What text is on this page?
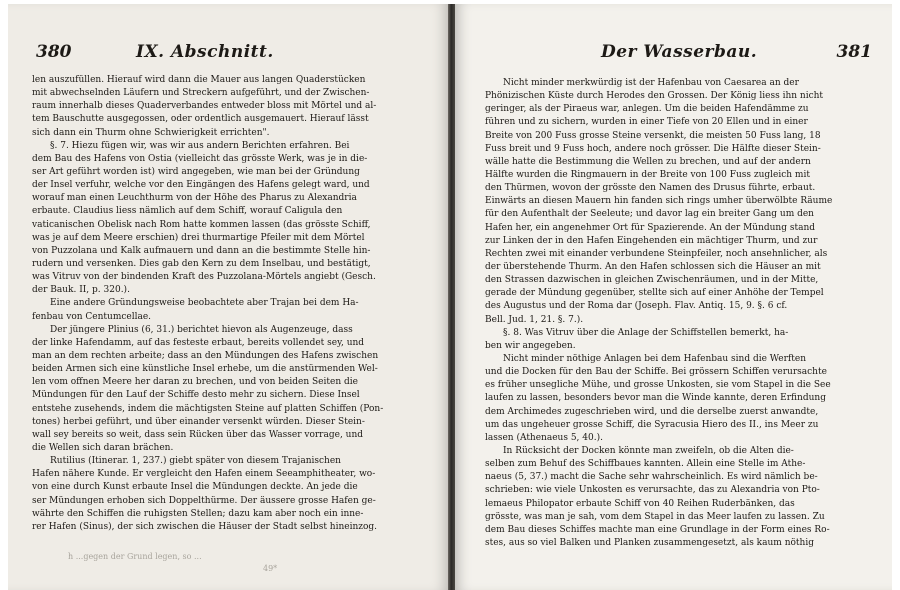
380	IX. Abschnitt.
len auszufüllen. Hierauf wird dann die Mauer aus langen Quaderstücken
mit abwechselnden Läufern und Streckern aufgeführt, und der Zwischen-
raum innerhalb dieses Quaderverbandes entweder bloss mit Mörtel und al-
tem Bauschutte ausgegossen, oder ordentlich ausgemauert. Hierauf lässt
sich dann ein Thurm ohne Schwierigkeit errichten".
§. 7. Hiezu fügen wir, was wir aus andern Berichten erfahren. Bei
dem Bau des Hafens von Ostia (vielleicht das grösste Werk, was je in die-
ser Art geführt worden ist) wird angegeben, wie man bei der Gründung
der Insel verfuhr, welche vor den Eingängen des Hafens gelegt ward, und
worauf man einen Leuchthurm von der Höhe des Pharus zu Alexandria
erbaute. Claudius liess nämlich auf dem Schiff, worauf Caligula den
vaticanischen Obelisk nach Rom hatte kommen lassen (das grösste Schiff,
was je auf dem Meere erschien) drei thurmartige Pfeiler mit dem Mörtel
von Puzzolana und Kalk aufmauern und dann an die bestimmte Stelle hin-
rudern und versenken. Dies gab den Kern zu dem Inselbau, und bestätigt,
was Vitruv von der bindenden Kraft des Puzzolana-Mörtels angiebt (Gesch.
der Bauk. II, p. 320.).
Eine andere Gründungsweise beobachtete aber Trajan bei dem Ha-
fenbau von Centumcellae.
Der jüngere Plinius (6, 31.) berichtet hievon als Augenzeuge, dass
der linke Hafendamm, auf das festeste erbaut, bereits vollendet sey, und
man an dem rechten arbeite; dass an den Mündungen des Hafens zwischen
beiden Armen sich eine künstliche Insel erhebe, um die anstürmenden Wel-
len vom offnen Meere her daran zu brechen, und von beiden Seiten die
Mündungen für den Lauf der Schiffe desto mehr zu sichern. Diese Insel
entstehe zusehends, indem die mächtigsten Steine auf platten Schiffen (Pon-
tones) herbei geführt, und über einander versenkt würden. Dieser Stein-
wall sey bereits so weit, dass sein Rücken über das Wasser vorrage, und
die Wellen sich daran brächen.
Rutilius (Itinerar. 1, 237.) giebt später von diesem Trajanischen
Hafen nähere Kunde. Er vergleicht den Hafen einem Seeamphitheater, wo-
von eine durch Kunst erbaute Insel die Mündungen deckte. An jede die
ser Mündungen erhoben sich Doppelthürme. Der äussere grosse Hafen ge-
währte den Schiffen die ruhigsten Stellen; dazu kam aber noch ein inne-
rer Hafen (Sinus), der sich zwischen die Häuser der Stadt selbst hineinzog.
h ...gegen der Grund legen, so ...
49*
Der Wasserbau.	381
Nicht minder merkwürdig ist der Hafenbau von Caesarea an der
Phönizischen Küste durch Herodes den Grossen. Der König liess ihn nicht
geringer, als der Piraeus war, anlegen. Um die beiden Hafendämme zu
führen und zu sichern, wurden in einer Tiefe von 20 Ellen und in einer
Breite von 200 Fuss grosse Steine versenkt, die meisten 50 Fuss lang, 18
Fuss breit und 9 Fuss hoch, andere noch grösser. Die Hälfte dieser Stein-
wälle hatte die Bestimmung die Wellen zu brechen, und auf der andern
Hälfte wurden die Ringmauern in der Breite von 100 Fuss zugleich mit
den Thürmen, wovon der grösste den Namen des Drusus führte, erbaut.
Einwärts an diesen Mauern hin fanden sich rings umher überwölbte Räume
für den Aufenthalt der Seeleute; und davor lag ein breiter Gang um den
Hafen her, ein angenehmer Ort für Spazierende. An der Mündung stand
zur Linken der in den Hafen Eingehenden ein mächtiger Thurm, und zur
Rechten zwei mit einander verbundene Steinpfeiler, noch ansehnlicher, als
der überstehende Thurm. An den Hafen schlossen sich die Häuser an mit
den Strassen dazwischen in gleichen Zwischenräumen, und in der Mitte,
gerade der Mündung gegenüber, stellte sich auf einer Anhöhe der Tempel
des Augustus und der Roma dar (Joseph. Flav. Antiq. 15, 9. §. 6 cf.
Bell. Jud. 1, 21. §. 7.).
§. 8. Was Vitruv über die Anlage der Schiffstellen bemerkt, ha-
ben wir angegeben.
Nicht minder nöthige Anlagen bei dem Hafenbau sind die Werften
und die Docken für den Bau der Schiffe. Bei grössern Schiffen verursachte
es früher unsegliche Mühe, und grosse Unkosten, sie vom Stapel in die See
laufen zu lassen, besonders bevor man die Winde kannte, deren Erfindung
dem Archimedes zugeschrieben wird, und die derselbe zuerst anwandte,
um das ungeheuer grosse Schiff, die Syracusia Hiero des II., ins Meer zu
lassen (Athenaeus 5, 40.).
In Rücksicht der Docken könnte man zweifeln, ob die Alten die-
selben zum Behuf des Schiffbaues kannten. Allein eine Stelle im Athe-
naeus (5, 37.) macht die Sache sehr wahrscheinlich. Es wird nämlich be-
schrieben: wie viele Unkosten es verursachte, das zu Alexandria von Pto-
lemaeus Philopator erbaute Schiff von 40 Reihen Ruderbänken, das
grösste, was man je sah, vom dem Stapel in das Meer laufen zu lassen. Zu
dem Bau dieses Schiffes machte man eine Grundlage in der Form eines Ro-
stes, aus so viel Balken und Planken zusammengesetzt, als kaum nöthig
